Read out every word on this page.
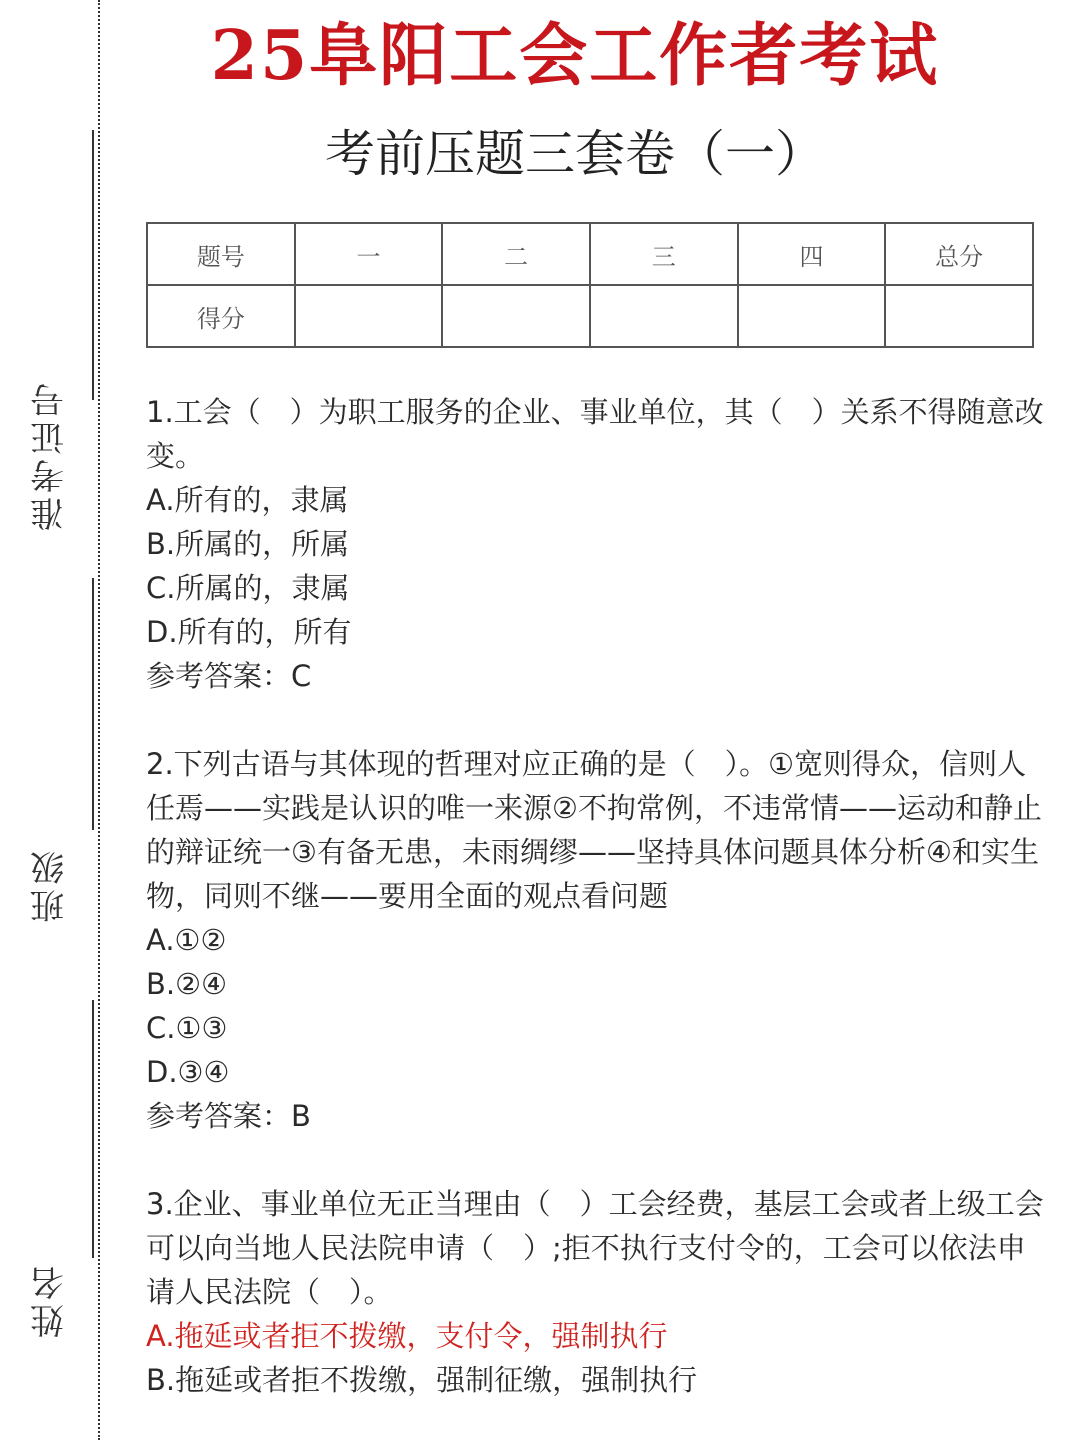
准考证号
班级
姓名
25阜阳工会工作者考试
考前压题三套卷（一）
题号	一	二	三	四	总分
得分					

1.工会（　）为职工服务的企业、事业单位，其（　）关系不得随意改变。

A.所有的，隶属

B.所属的，所属

C.所属的，隶属

D.所有的，所有

参考答案：C

2.下列古语与其体现的哲理对应正确的是（　）。①宽则得众，信则人任焉——实践是认识的唯一来源②不拘常例，不违常情——运动和静止的辩证统一③有备无患，未雨绸缪——坚持具体问题具体分析④和实生物，同则不继——要用全面的观点看问题

A.①②

B.②④

C.①③

D.③④

参考答案：B

3.企业、事业单位无正当理由（　）工会经费，基层工会或者上级工会可以向当地人民法院申请（　）;拒不执行支付令的，工会可以依法申请人民法院（　）。

A.拖延或者拒不拨缴，支付令，强制执行

B.拖延或者拒不拨缴，强制征缴，强制执行
